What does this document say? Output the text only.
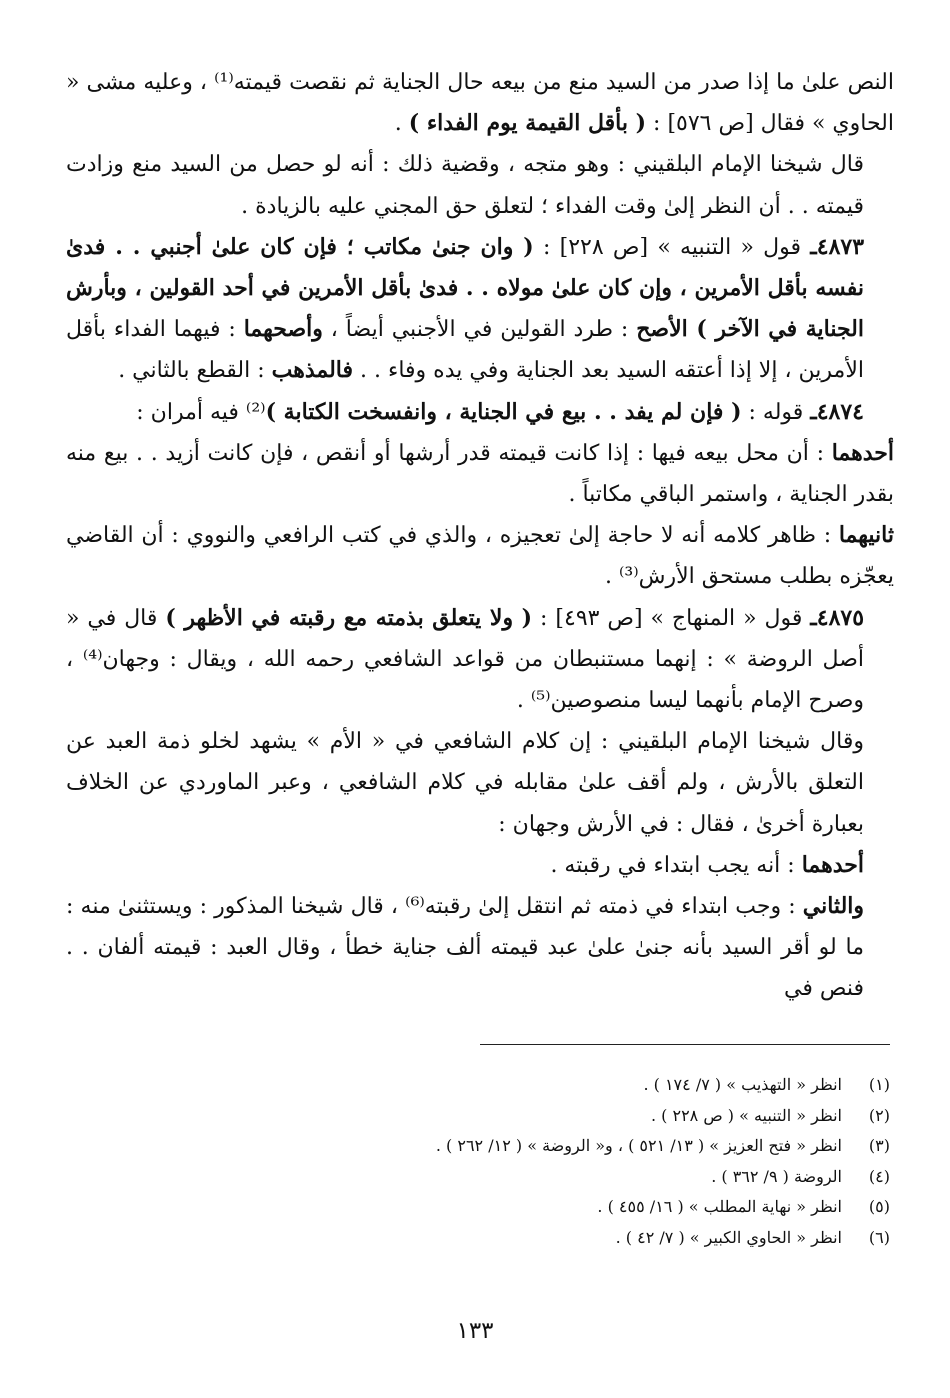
النص علىٰ ما إذا صدر من السيد منع من بيعه حال الجناية ثم نقصت قيمته⁽¹⁾ ، وعليه مشى « الحاوي » فقال [ص ٥٧٦] : ( بأقل القيمة يوم الفداء ) .

قال شيخنا الإمام البلقيني : وهو متجه ، وقضية ذلك : أنه لو حصل من السيد منع وزادت قيمته . . أن النظر إلىٰ وقت الفداء ؛ لتعلق حق المجني عليه بالزيادة .

٤٨٧٣ـ قول « التنبيه » [ص ٢٢٨] : ( وان جنىٰ مكاتب ؛ فإن كان علىٰ أجنبي . . فدىٰ نفسه بأقل الأمرين ، وإن كان علىٰ مولاه . . فدىٰ بأقل الأمرين في أحد القولين ، وبأرش الجناية في الآخر ) الأصح : طرد القولين في الأجنبي أيضاً ، وأصحهما : فيهما الفداء بأقل الأمرين ، إلا إذا أعتقه السيد بعد الجناية وفي يده وفاء . . فالمذهب : القطع بالثاني .

٤٨٧٤ـ قوله : ( فإن لم يفد . . بيع في الجناية ، وانفسخت الكتابة )⁽²⁾ فيه أمران :

أحدهما : أن محل بيعه فيها : إذا كانت قيمته قدر أرشها أو أنقص ، فإن كانت أزيد . . بيع منه بقدر الجناية ، واستمر الباقي مكاتباً .

ثانيهما : ظاهر كلامه أنه لا حاجة إلىٰ تعجيزه ، والذي في كتب الرافعي والنووي : أن القاضي يعجّزه بطلب مستحق الأرش⁽³⁾ .

٤٨٧٥ـ قول « المنهاج » [ص ٤٩٣] : ( ولا يتعلق بذمته مع رقبته في الأظهر ) قال في « أصل الروضة » : إنهما مستنبطان من قواعد الشافعي رحمه الله ، ويقال : وجهان⁽⁴⁾ ، وصرح الإمام بأنهما ليسا منصوصين⁽⁵⁾ .

وقال شيخنا الإمام البلقيني : إن كلام الشافعي في « الأم » يشهد لخلو ذمة العبد عن التعلق بالأرش ، ولم أقف علىٰ مقابله في كلام الشافعي ، وعبر الماوردي عن الخلاف بعبارة أخرىٰ ، فقال : في الأرش وجهان :

أحدهما : أنه يجب ابتداء في رقبته .

والثاني : وجب ابتداء في ذمته ثم انتقل إلىٰ رقبته⁽⁶⁾ ، قال شيخنا المذكور : ويستثنىٰ منه : ما لو أقر السيد بأنه جنىٰ علىٰ عبد قيمته ألف جناية خطأ ، وقال العبد : قيمته ألفان . . فنص في

(١)
انظر « التهذيب » ( ٧/ ١٧٤ ) .
(٢)
انظر « التنبيه » ( ص ٢٢٨ ) .
(٣)
انظر « فتح العزيز » ( ١٣/ ٥٢١ ) ، و« الروضة » ( ١٢/ ٢٦٢ ) .
(٤)
الروضة ( ٩/ ٣٦٢ ) .
(٥)
انظر « نهاية المطلب » ( ١٦/ ٤٥٥ ) .
(٦)
انظر « الحاوي الكبير » ( ٧/ ٤٢ ) .
١٣٣
